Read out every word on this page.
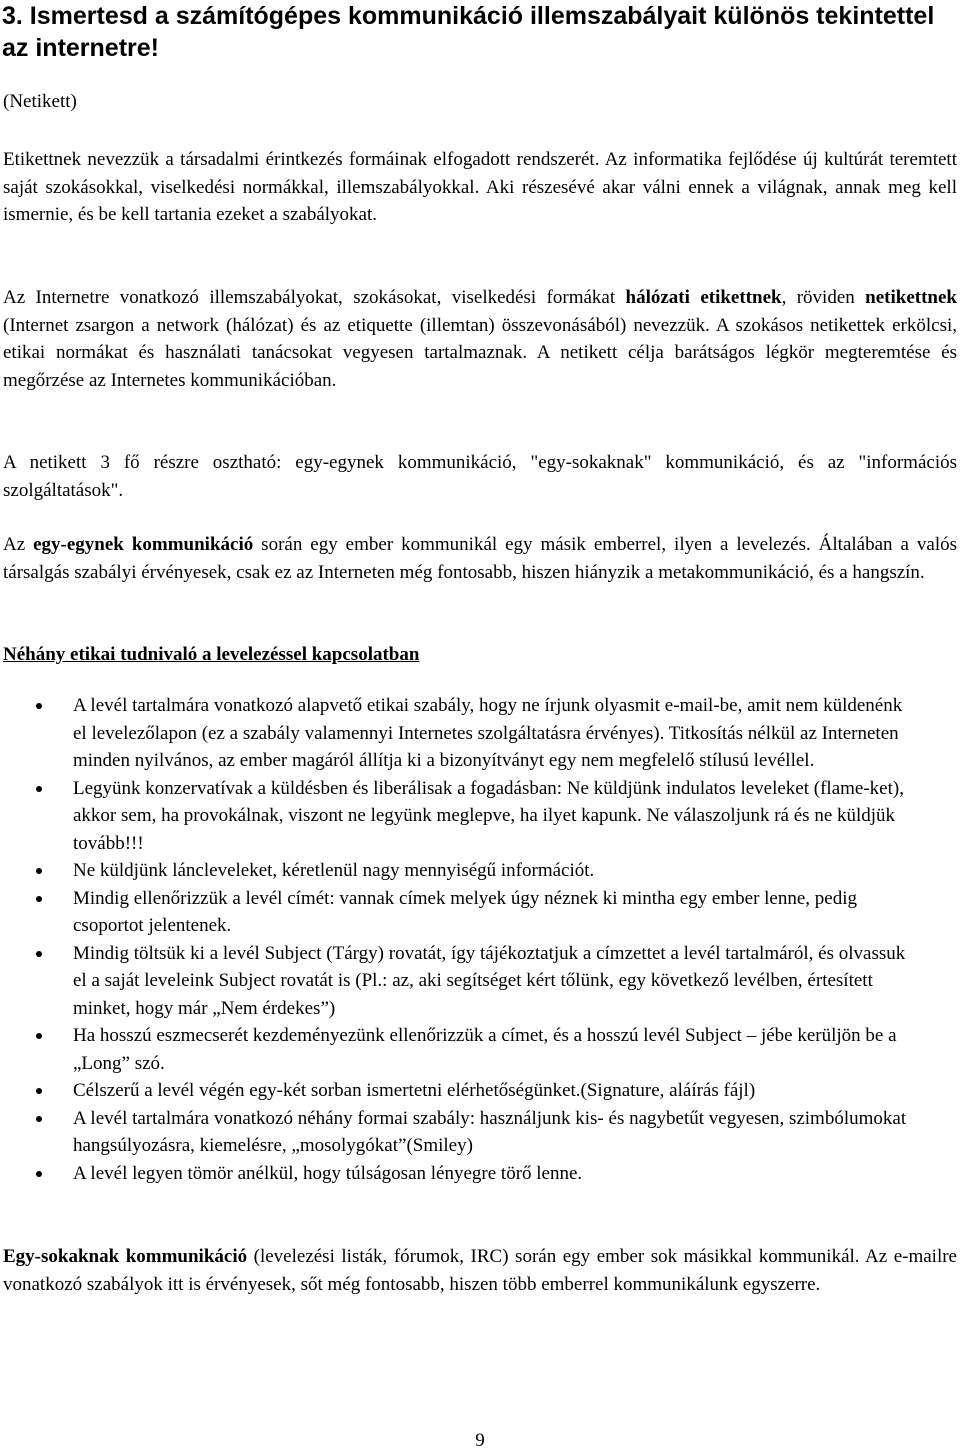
3. Ismertesd a számítógépes kommunikáció illemszabályait különös tekintettel az internetre!

(Netikett)

Etikettnek nevezzük a társadalmi érintkezés formáinak elfogadott rendszerét. Az informatika fejlődése új kultúrát teremtett saját szokásokkal, viselkedési normákkal, illemszabályokkal. Aki részesévé akar válni ennek a világnak, annak meg kell ismernie, és be kell tartania ezeket a szabályokat.

Az Internetre vonatkozó illemszabályokat, szokásokat, viselkedési formákat hálózati etikettnek, röviden netikettnek (Internet zsargon a network (hálózat) és az etiquette (illemtan) összevonásából) nevezzük. A szokásos netikettek erkölcsi, etikai normákat és használati tanácsokat vegyesen tartalmaznak. A netikett célja barátságos légkör megteremtése és megőrzése az Internetes kommunikációban.

A netikett 3 fő részre osztható: egy-egynek kommunikáció, "egy-sokaknak" kommunikáció, és az "információs szolgáltatások".

Az egy-egynek kommunikáció során egy ember kommunikál egy másik emberrel, ilyen a levelezés. Általában a valós társalgás szabályi érvényesek, csak ez az Interneten még fontosabb, hiszen hiányzik a metakommunikáció, és a hangszín.

Néhány etikai tudnivaló a levelezéssel kapcsolatban

A levél tartalmára vonatkozó alapvető etikai szabály, hogy ne írjunk olyasmit e-mail-be, amit nem küldenénk el levelezőlapon (ez a szabály valamennyi Internetes szolgáltatásra érvényes). Titkosítás nélkül az Interneten minden nyilvános, az ember magáról állítja ki a bizonyítványt egy nem megfelelő stílusú levéllel.
Legyünk konzervatívak a küldésben és liberálisak a fogadásban: Ne küldjünk indulatos leveleket (flame-ket), akkor sem, ha provokálnak, viszont ne legyünk meglepve, ha ilyet kapunk. Ne válaszoljunk rá és ne küldjük tovább!!!
Ne küldjünk láncleveleket, kéretlenül nagy mennyiségű információt.
Mindig ellenőrizzük a levél címét: vannak címek melyek úgy néznek ki mintha egy ember lenne, pedig csoportot jelentenek.
Mindig töltsük ki a levél Subject (Tárgy) rovatát, így tájékoztatjuk a címzettet a levél tartalmáról, és olvassuk el a saját leveleink Subject rovatát is (Pl.: az, aki segítséget kért tőlünk, egy következő levélben, értesített minket, hogy már „Nem érdekes”)
Ha hosszú eszmecserét kezdeményezünk ellenőrizzük a címet, és a hosszú levél Subject – jébe kerüljön be a „Long” szó.
Célszerű a levél végén egy-két sorban ismertetni elérhetőségünket.(Signature, aláírás fájl)
A levél tartalmára vonatkozó néhány formai szabály: használjunk kis- és nagybetűt vegyesen, szimbólumokat hangsúlyozásra, kiemelésre, „mosolygókat”(Smiley)
A levél legyen tömör anélkül, hogy túlságosan lényegre törő lenne.

Egy-sokaknak kommunikáció (levelezési listák, fórumok, IRC) során egy ember sok másikkal kommunikál. Az e-mailre vonatkozó szabályok itt is érvényesek, sőt még fontosabb, hiszen több emberrel kommunikálunk egyszerre.

9
